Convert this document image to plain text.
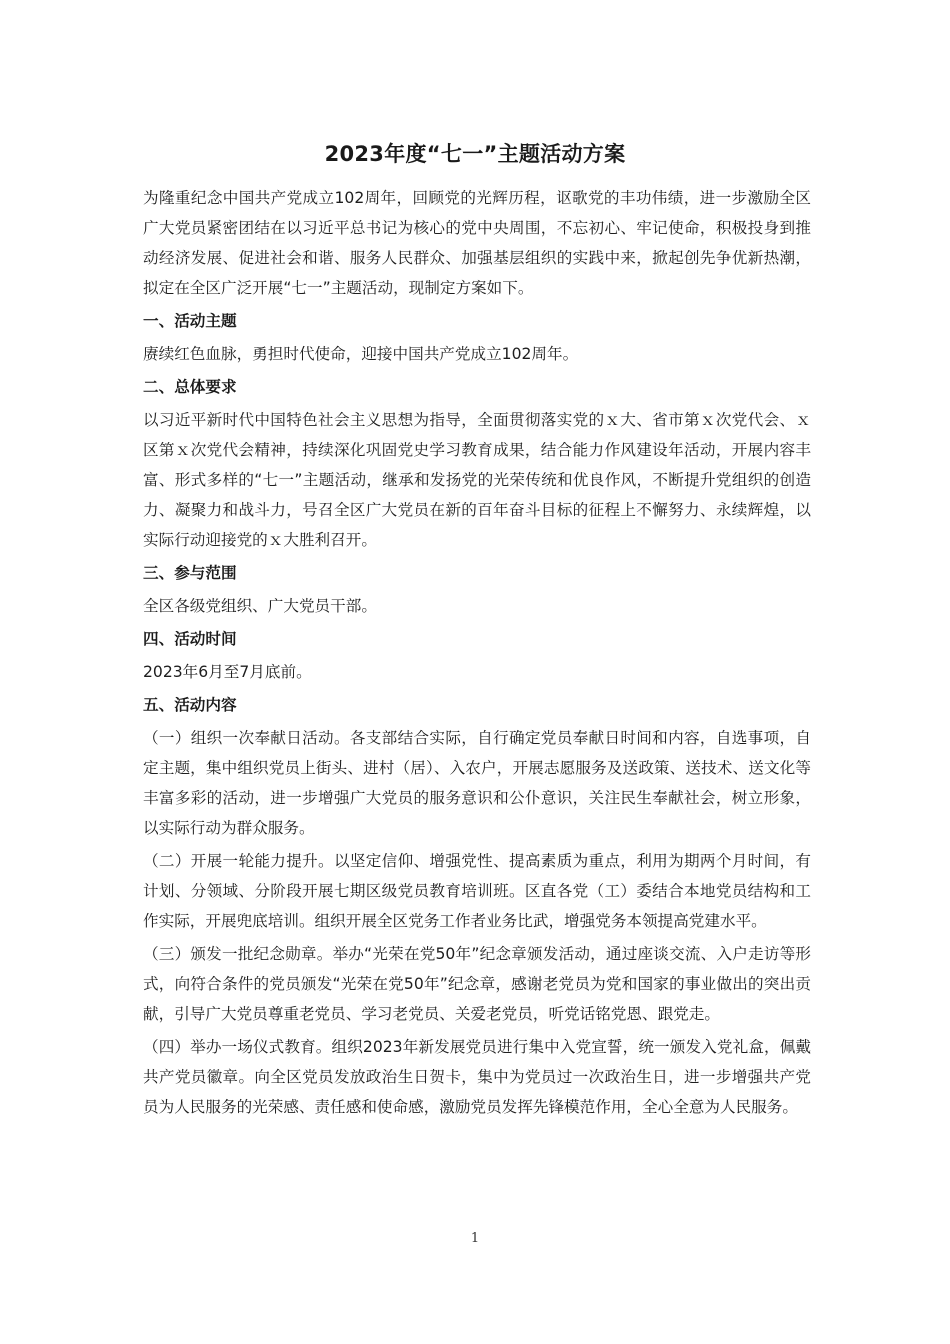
2023年度“七一”主题活动方案

为隆重纪念中国共产党成立102周年，回顾党的光辉历程，讴歌党的丰功伟绩，进一步激励全区广大党员紧密团结在以习近平总书记为核心的党中央周围，不忘初心、牢记使命，积极投身到推动经济发展、促进社会和谐、服务人民群众、加强基层组织的实践中来，掀起创先争优新热潮，拟定在全区广泛开展“七一”主题活动，现制定方案如下。

一、活动主题

赓续红色血脉，勇担时代使命，迎接中国共产党成立102周年。

二、总体要求

以习近平新时代中国特色社会主义思想为指导，全面贯彻落实党的ｘ大、省市第ｘ次党代会、ｘ区第ｘ次党代会精神，持续深化巩固党史学习教育成果，结合能力作风建设年活动，开展内容丰富、形式多样的“七一”主题活动，继承和发扬党的光荣传统和优良作风，不断提升党组织的创造力、凝聚力和战斗力，号召全区广大党员在新的百年奋斗目标的征程上不懈努力、永续辉煌，以实际行动迎接党的ｘ大胜利召开。

三、参与范围

全区各级党组织、广大党员干部。

四、活动时间

2023年6月至7月底前。

五、活动内容

（一）组织一次奉献日活动。各支部结合实际，自行确定党员奉献日时间和内容，自选事项，自定主题，集中组织党员上街头、进村（居）、入农户，开展志愿服务及送政策、送技术、送文化等丰富多彩的活动，进一步增强广大党员的服务意识和公仆意识，关注民生奉献社会，树立形象，以实际行动为群众服务。

（二）开展一轮能力提升。以坚定信仰、增强党性、提高素质为重点，利用为期两个月时间，有计划、分领域、分阶段开展七期区级党员教育培训班。区直各党（工）委结合本地党员结构和工作实际，开展兜底培训。组织开展全区党务工作者业务比武，增强党务本领提高党建水平。

（三）颁发一批纪念勋章。举办“光荣在党50年”纪念章颁发活动，通过座谈交流、入户走访等形式，向符合条件的党员颁发“光荣在党50年”纪念章，感谢老党员为党和国家的事业做出的突出贡献，引导广大党员尊重老党员、学习老党员、关爱老党员，听党话铭党恩、跟党走。

（四）举办一场仪式教育。组织2023年新发展党员进行集中入党宣誓，统一颁发入党礼盒，佩戴共产党员徽章。向全区党员发放政治生日贺卡，集中为党员过一次政治生日，进一步增强共产党员为人民服务的光荣感、责任感和使命感，激励党员发挥先锋模范作用，全心全意为人民服务。

1
